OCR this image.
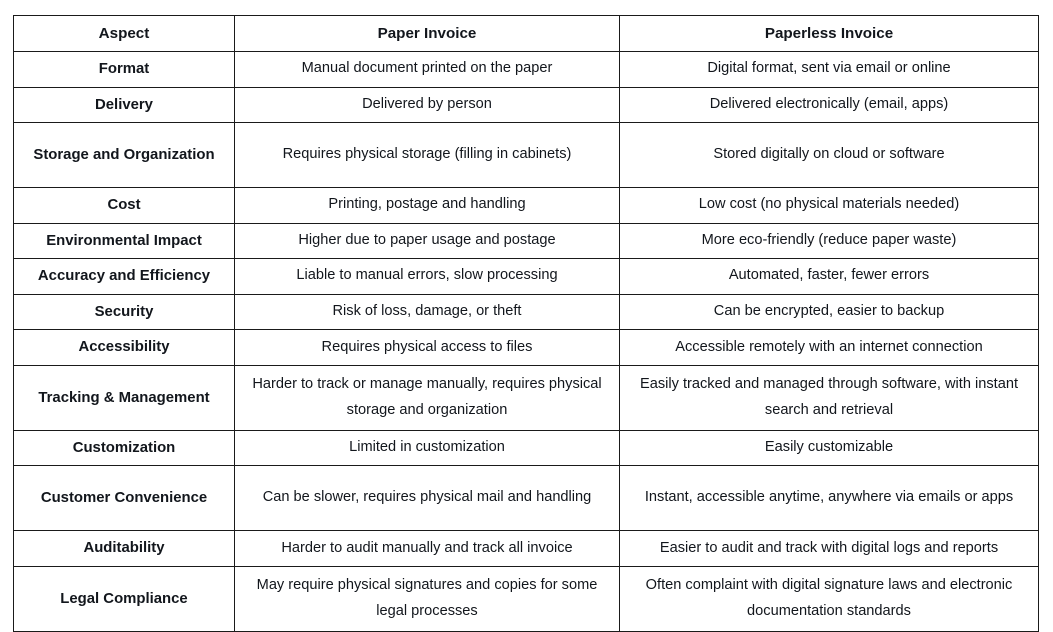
Aspect	Paper Invoice	Paperless Invoice
Format	Manual document printed on the paper	Digital format, sent via email or online
Delivery	Delivered by person	Delivered electronically (email, apps)
Storage and Organization	Requires physical storage (filling in cabinets)	Stored digitally on cloud or software
Cost	Printing, postage and handling	Low cost (no physical materials needed)
Environmental Impact	Higher due to paper usage and postage	More eco-friendly (reduce paper waste)
Accuracy and Efficiency	Liable to manual errors, slow processing	Automated, faster, fewer errors
Security	Risk of loss, damage, or theft	Can be encrypted, easier to backup
Accessibility	Requires physical access to files	Accessible remotely with an internet connection
Tracking & Management	Harder to track or manage manually, requires physical storage and organization	Easily tracked and managed through software, with instant search and retrieval
Customization	Limited in customization	Easily customizable
Customer Convenience	Can be slower, requires physical mail and handling	Instant, accessible anytime, anywhere via emails or apps
Auditability	Harder to audit manually and track all invoice	Easier to audit and track with digital logs and reports
Legal Compliance	May require physical signatures and copies for some legal processes	Often complaint with digital signature laws and electronic documentation standards
